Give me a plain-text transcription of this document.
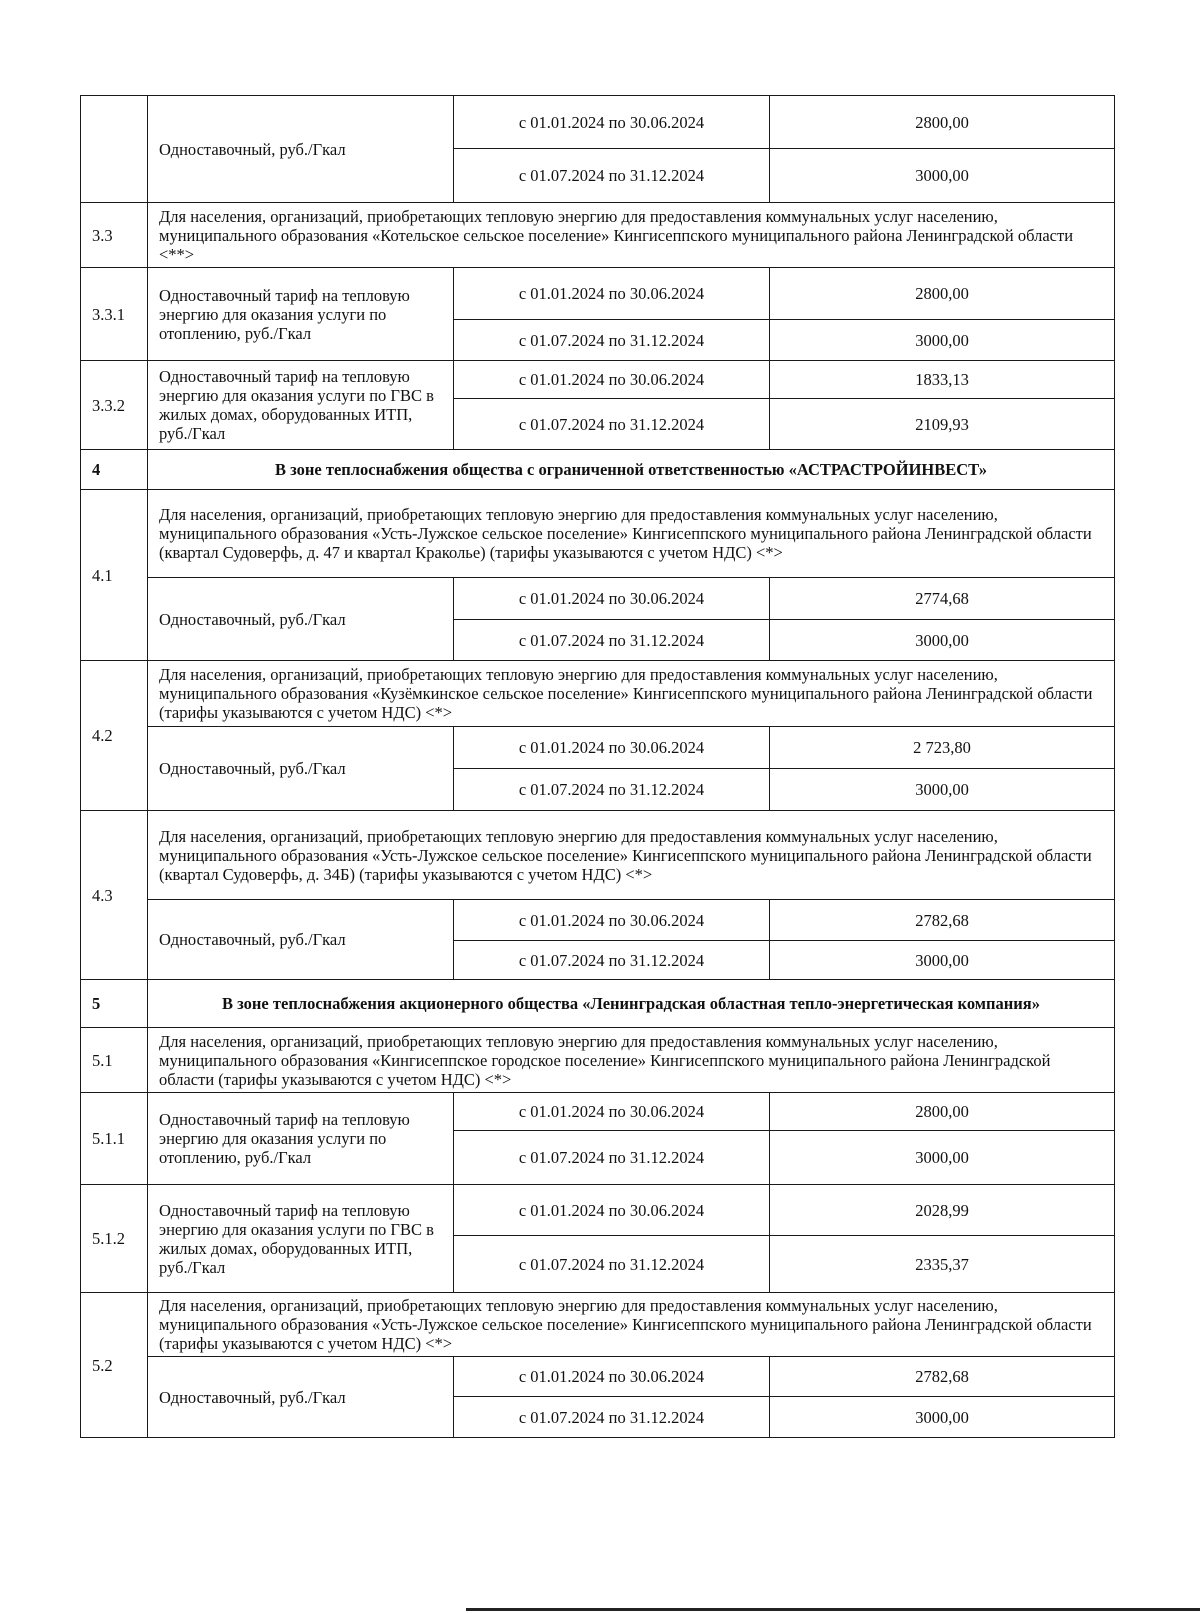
	Одноставочный, руб./Гкал	с 01.01.2024 по 30.06.2024	2800,00
		с 01.07.2024 по 31.12.2024	3000,00
3.3	Для населения, организаций, приобретающих тепловую энергию для предоставления коммунальных услуг населению, муниципального образования «Котельское сельское поселение» Кингисеппского муниципального района Ленинградской области <**>		
3.3.1	Одноставочный тариф на тепловую энергию для оказания услуги по отоплению, руб./Гкал	с 01.01.2024 по 30.06.2024	2800,00
		с 01.07.2024 по 31.12.2024	3000,00
3.3.2	Одноставочный тариф на тепловую энергию для оказания услуги по ГВС в жилых домах, оборудованных ИТП, руб./Гкал	с 01.01.2024 по 30.06.2024	1833,13
		с 01.07.2024 по 31.12.2024	2109,93
4	В зоне теплоснабжения общества с ограниченной ответственностью «АСТРАСТРОЙИНВЕСТ»		
4.1	Для населения, организаций, приобретающих тепловую энергию для предоставления коммунальных услуг населению, муниципального образования «Усть-Лужское сельское поселение» Кингисеппского муниципального района Ленинградской области (квартал Судоверфь, д. 47 и квартал Краколье) (тарифы указываются с учетом НДС) <*>		
	Одноставочный, руб./Гкал	с 01.01.2024 по 30.06.2024	2774,68
		с 01.07.2024 по 31.12.2024	3000,00
4.2	Для населения, организаций, приобретающих тепловую энергию для предоставления коммунальных услуг населению, муниципального образования «Кузёмкинское сельское поселение» Кингисеппского муниципального района Ленинградской области (тарифы указываются с учетом НДС) <*>		
	Одноставочный, руб./Гкал	с 01.01.2024 по 30.06.2024	2 723,80
		с 01.07.2024 по 31.12.2024	3000,00
4.3	Для населения, организаций, приобретающих тепловую энергию для предоставления коммунальных услуг населению, муниципального образования «Усть-Лужское сельское поселение» Кингисеппского муниципального района Ленинградской области (квартал Судоверфь, д. 34Б) (тарифы указываются с учетом НДС) <*>		
	Одноставочный, руб./Гкал	с 01.01.2024 по 30.06.2024	2782,68
		с 01.07.2024 по 31.12.2024	3000,00
5	В зоне теплоснабжения акционерного общества «Ленинградская областная тепло-энергетическая компания»		
5.1	Для населения, организаций, приобретающих тепловую энергию для предоставления коммунальных услуг населению, муниципального образования «Кингисеппское городское поселение» Кингисеппского муниципального района Ленинградской области (тарифы указываются с учетом НДС) <*>		
5.1.1	Одноставочный тариф на тепловую энергию для оказания услуги по отоплению, руб./Гкал	с 01.01.2024 по 30.06.2024	2800,00
		с 01.07.2024 по 31.12.2024	3000,00
5.1.2	Одноставочный тариф на тепловую энергию для оказания услуги по ГВС в жилых домах, оборудованных ИТП, руб./Гкал	с 01.01.2024 по 30.06.2024	2028,99
		с 01.07.2024 по 31.12.2024	2335,37
5.2	Для населения, организаций, приобретающих тепловую энергию для предоставления коммунальных услуг населению, муниципального образования «Усть-Лужское сельское поселение» Кингисеппского муниципального района Ленинградской области (тарифы указываются с учетом НДС) <*>		
	Одноставочный, руб./Гкал	с 01.01.2024 по 30.06.2024	2782,68
		с 01.07.2024 по 31.12.2024	3000,00
